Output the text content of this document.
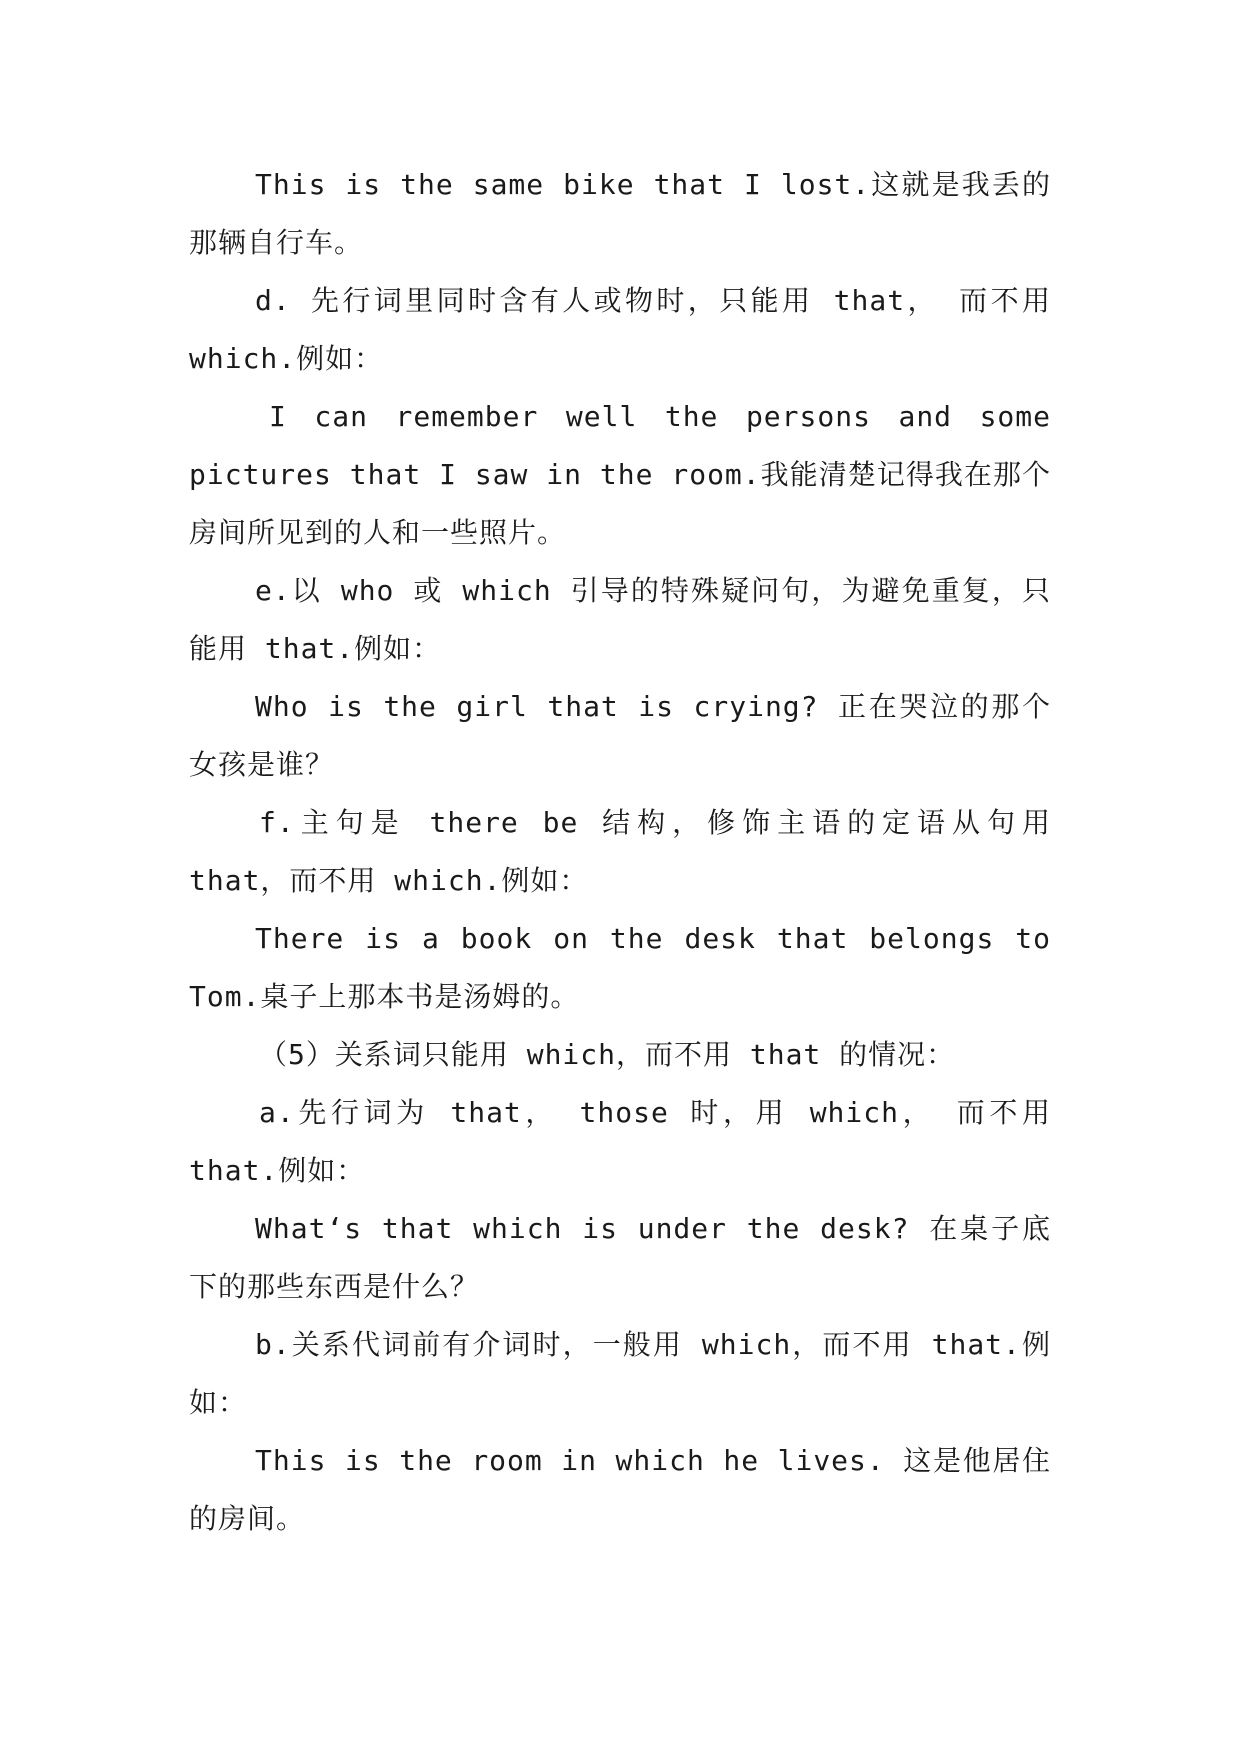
This is the same bike that I lost.这就是我丢的那辆自行车。

d. 先行词里同时含有人或物时，只能用 that， 而不用 which.例如：

I can remember well the persons and some pictures that I saw in the room.我能清楚记得我在那个房间所见到的人和一些照片。

e.以 who 或 which 引导的特殊疑问句，为避免重复，只能用 that.例如：

Who is the girl that is crying? 正在哭泣的那个女孩是谁？

f.主句是 there be 结构，修饰主语的定语从句用 that，而不用 which.例如：

There is a book on the desk that belongs to Tom.桌子上那本书是汤姆的。

（5）关系词只能用 which，而不用 that 的情况：

a.先行词为 that， those 时，用 which， 而不用 that.例如：

What‘s that which is under the desk? 在桌子底下的那些东西是什么？

b.关系代词前有介词时，一般用 which，而不用 that.例如：

This is the room in which he lives. 这是他居住的房间。
